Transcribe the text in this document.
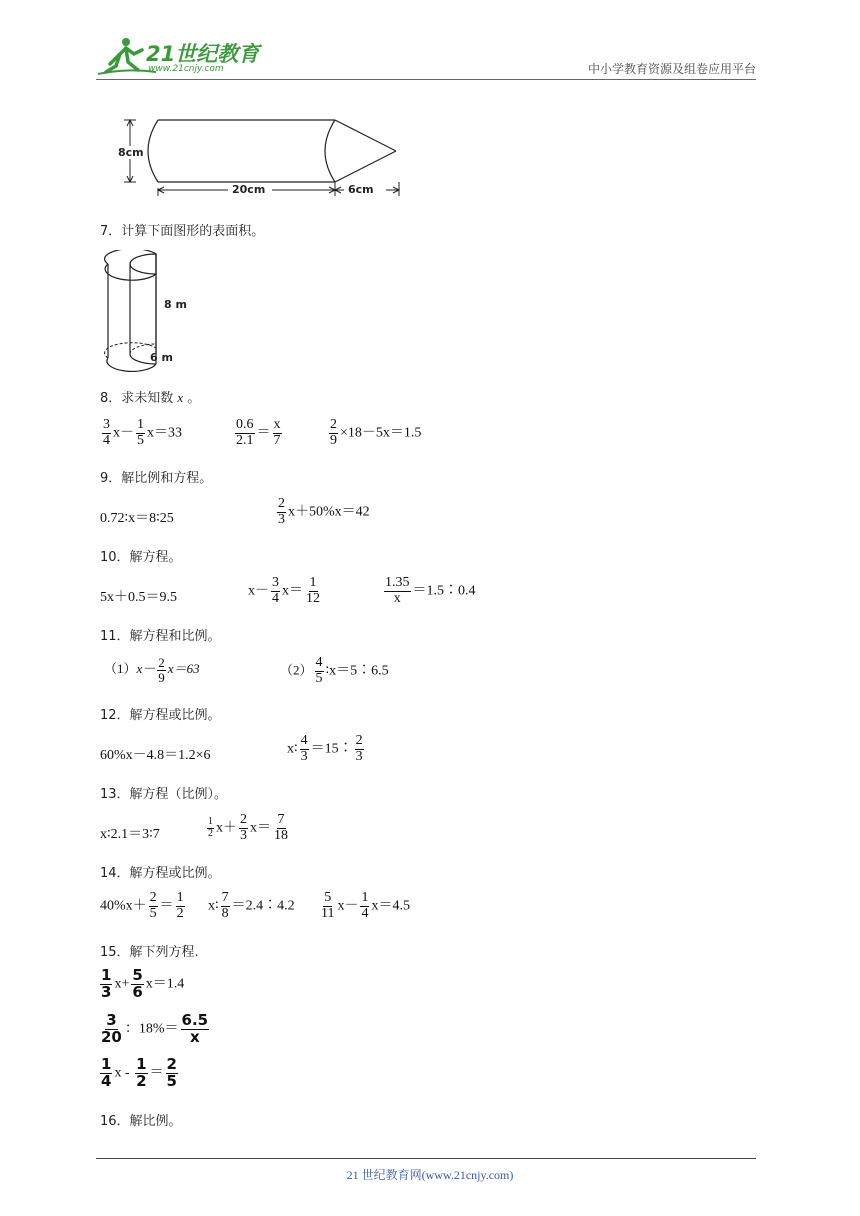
21世纪教育
www.21cnjy.com	中小学教育资源及组卷应用平台
8cm
20cm	6cm
7．计算下面图形的表面积。
8 m
6 m
8．求未知数 x 。
$\frac{3}{4} x- \frac{1}{5} x=33$	$\frac{0.6}{2.1} = \frac{x}{7}$	$\frac{2}{9} \times 18-5x=1.5$
9．解比例和方程。
0.72∶x＝8∶25	$\frac{2}{3} x+50\%x=42$
10．解方程。
5x＋0.5＝9.5	$x- \frac{3}{4} x= \frac{1}{12}$	$\frac{1.35}{x}$ ＝1.5∶0.4
11．解方程和比例。
$(1)x- \frac{2}{9} x=63$	$(2) \frac{4}{5}$ ∶x＝5∶6.5
12．解方程或比例。
60%x－4.8＝1.2×6	x∶ $\frac{4}{3}$ ＝15∶ $\frac{2}{3}$
13．解方程（比例）。
x∶2.1＝3∶7	$\frac{1}{2} x+ \frac{2}{3} x= \frac{7}{18}$
14．解方程或比例。
$40\%x+ \frac{2}{5} = \frac{1}{2}$ x∶ $\frac{7}{8}$ ＝2.4∶4.2 $\frac{5}{11} x- \frac{1}{4} x=4.5$
15．解下列方程.
$\frac{1}{3} x+ \frac{5}{6} x=1.4$
$\frac{3}{20}$ ：$18\%= \frac{6.5}{x}$
$\frac{1}{4}$ $x - \frac{1}{2} = \frac{2}{5}$
16．解比例。
21 世纪教育网(www.21cnjy.com)
